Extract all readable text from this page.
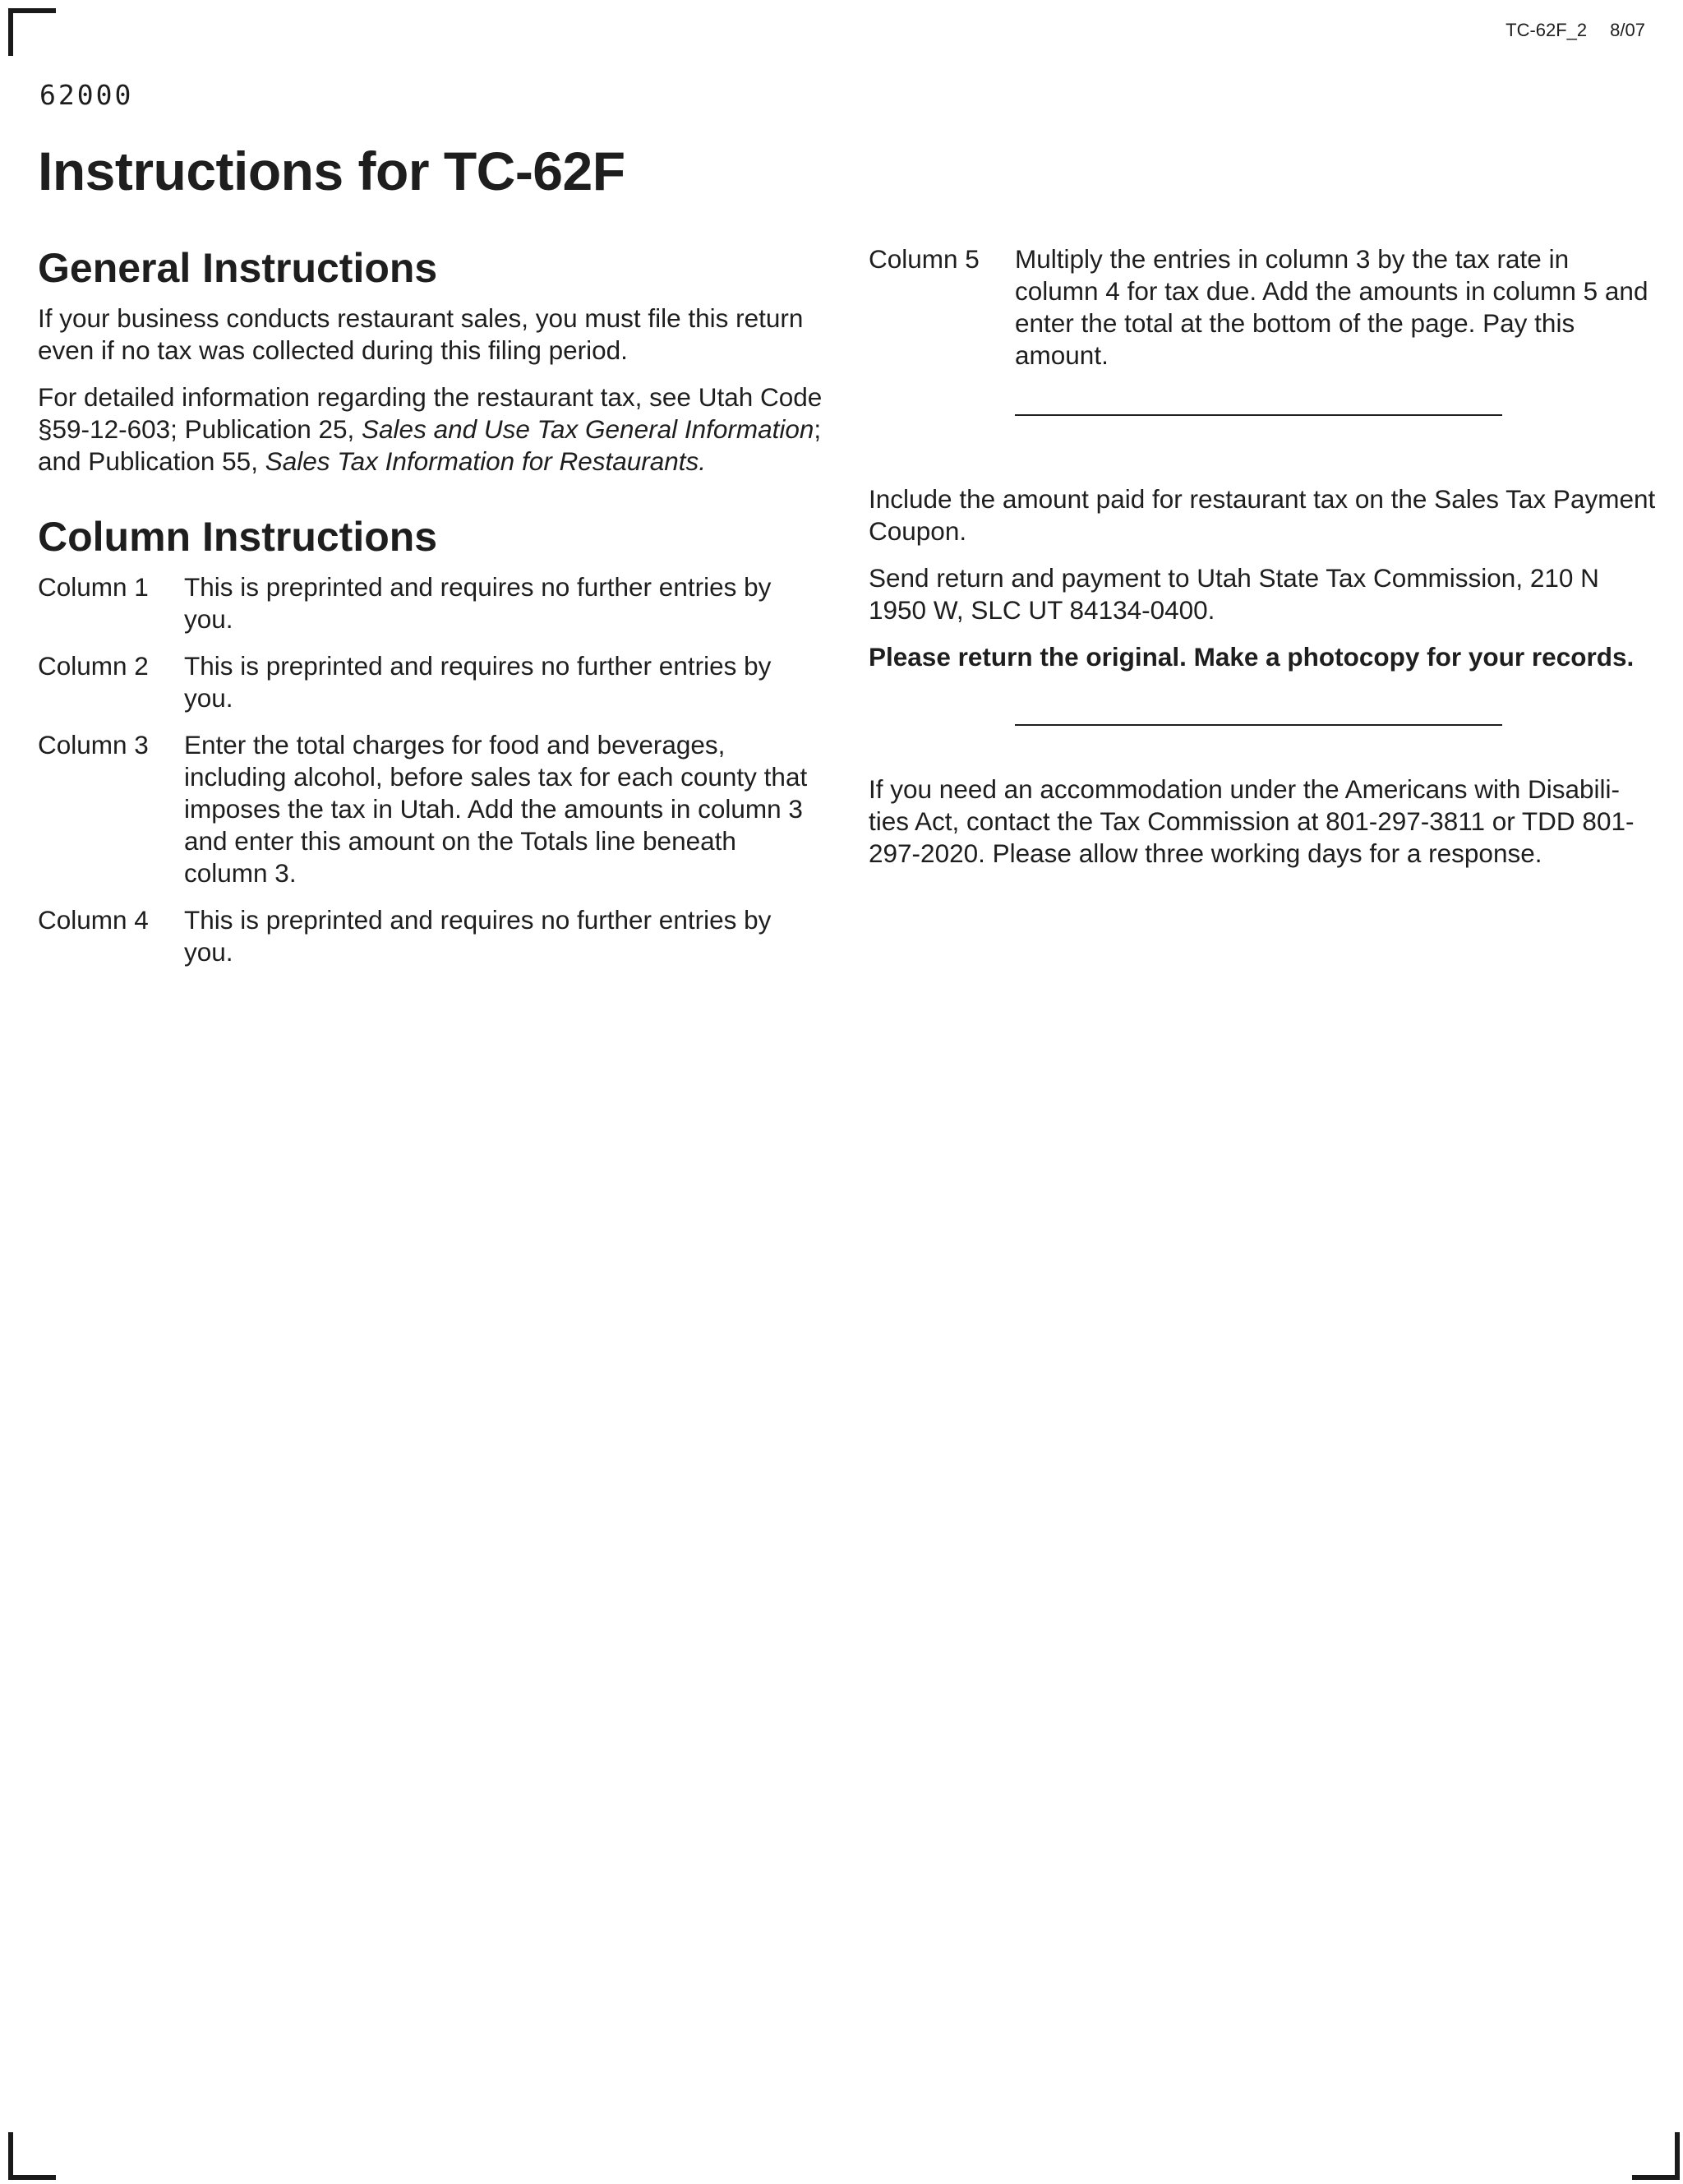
TC-62F_2 8/07
62000
Instructions for TC-62F
General Instructions

If your business conducts restaurant sales, you must file this return even if no tax was collected during this filing period.

For detailed information regarding the restaurant tax, see Utah Code §59-12-603; Publication 25, Sales and Use Tax General Information; and Publication 55, Sales Tax Information for Restaurants.

Column Instructions
Column 1	This is preprinted and requires no further entries by you.
Column 2	This is preprinted and requires no further entries by you.
Column 3	Enter the total charges for food and beverages, including alcohol, before sales tax for each county that imposes the tax in Utah. Add the amounts in column 3 and enter this amount on the Totals line beneath column 3.
Column 4	This is preprinted and requires no further entries by you.
Column 5	Multiply the entries in column 3 by the tax rate in column 4 for tax due. Add the amounts in column 5 and enter the total at the bottom of the page. Pay this amount.

Include the amount paid for restaurant tax on the Sales Tax Payment Coupon.

Send return and payment to Utah State Tax Commission, 210 N 1950 W, SLC UT 84134-0400.

Please return the original. Make a photocopy for your records.

If you need an accommodation under the Americans with Disabili-ties Act, contact the Tax Commission at 801-297-3811 or TDD 801-297-2020. Please allow three working days for a response.
